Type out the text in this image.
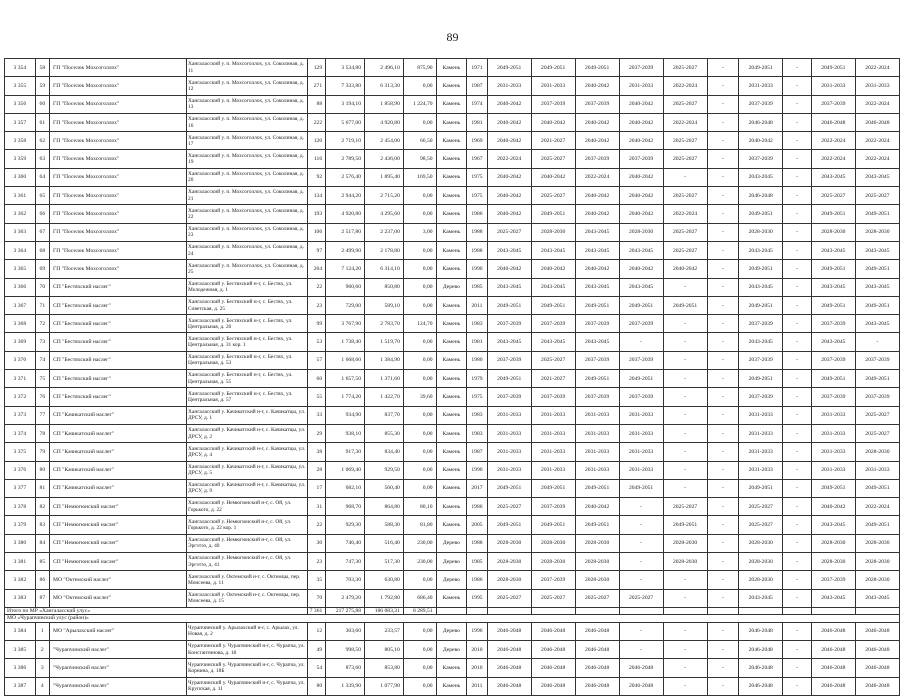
89
3 354	58	ГП "Поселок Мохсоголлох"	Хангаласский у. п. Мохсоголлох, ул. Соколиная, д. 11	129	3 534,80	2 496,10	875,90	Камень	1971	2049-2051	2049-2051	2049-2051	2037-2039	2025-2027	-	2049-2051	-	2049-2051	2022-2024
3 355	59	ГП "Поселок Мохсоголлох"	Хангаласский у. п. Мохсоголлох, ул. Соколиная, д. 12	271	7 333,80	6 313,30	0,00	Камень	1987	2031-2033	2031-2033	2040-2042	2031-2033	2022-2024	-	2031-2033	-	2031-2033	2031-2033
3 356	60	ГП "Поселок Мохсоголлох"	Хангаласский у. п. Мохсоголлох, ул. Соколиная, д. 13	88	3 194,10	1 858,90	1 224,70	Камень	1974	2040-2042	2037-2039	2037-2039	2040-2042	2025-2027	-	2037-2039	-	2037-2039	2022-2024
3 357	61	ГП "Поселок Мохсоголлох"	Хангаласский у. п. Мохсоголлох, ул. Соколиная, д. 16	222	5 677,00	4 920,80	0,00	Камень	1981	2040-2042	2040-2042	2040-2042	2040-2042	2022-2024	-	2046-2048	-	2046-2048	2046-2048
3 358	62	ГП "Поселок Мохсоголлох"	Хангаласский у. п. Мохсоголлох, ул. Соколиная, д. 17	120	2 719,10	2 454,00	66,50	Камень	1969	2040-2042	2021-2027	2040-2042	2040-2042	2025-2027	-	2040-2042	-	2022-2024	2022-2024
3 359	63	ГП "Поселок Мохсоголлох"	Хангаласский у. п. Мохсоголлох, ул. Соколиная, д. 19	116	2 789,50	2 436,00	98,50	Камень	1967	2022-2024	2025-2027	2037-2039	2037-2039	2025-2027	-	2037-2039	-	2022-2024	2022-2024
3 360	64	ГП "Поселок Мохсоголлох"	Хангаласский у. п. Мохсоголлох, ул. Соколиная, д. 20	92	2 576,40	1 895,40	169,50	Камень	1975	2040-2042	2040-2042	2022-2024	2040-2042	-	-	2043-2045	-	2043-2045	2043-2045
3 361	65	ГП "Поселок Мохсоголлох"	Хангаласский у. п. Мохсоголлох, ул. Соколиная, д. 21	134	2 944,20	2 715,20	0,00	Камень	1975	2040-2042	2025-2027	2040-2042	2040-2042	2025-2027	-	2046-2048	-	2025-2027	2025-2027
3 362	66	ГП "Поселок Мохсоголлох"	Хангаласский у. п. Мохсоголлох, ул. Соколиная, д. 22	193	4 920,80	4 295,60	0,00	Камень	1986	2040-2042	2049-2051	2040-2042	2040-2042	2022-2024	-	2049-2051	-	2049-2051	2049-2051
3 363	67	ГП "Поселок Мохсоголлох"	Хангаласский у. п. Мохсоголлох, ул. Соколиная, д. 23	106	2 517,80	2 237,00	3,00	Камень	1988	2025-2027	2028-2030	2043-2045	2028-2030	2025-2027	-	2028-2030	-	2028-2030	2028-2030
3 364	68	ГП "Поселок Мохсоголлох"	Хангаласский у. п. Мохсоголлох, ул. Соколиная, д. 24	97	2 499,90	2 178,80	0,00	Камень	1988	2043-2045	2043-2045	2043-2045	2043-2045	2025-2027	-	2043-2045	-	2043-2045	2043-2045
3 365	69	ГП "Поселок Мохсоголлох"	Хангаласский у. п. Мохсоголлох, ул. Соколиная, д. 25	264	7 124,20	6 314,10	0,00	Камень	1990	2040-2042	2040-2042	2040-2042	2040-2042	2040-2042	-	2049-2051	-	2049-2051	2049-2051
3 366	70	СП "Бестяхский наслег"	Хангаласский у. Бестяхский н-г, с. Бестях, ул. Молодежная, д. 1	22	960,60	850,80	0,00	Дерево	1985	2043-2045	2043-2045	2043-2045	2043-2045	-	-	2043-2045	-	2043-2045	2043-2045
3 367	71	СП "Бестяхский наслег"	Хангаласский у. Бестяхский н-г, с. Бестях, ул. Советская, д. 25	23	729,00	589,10	0,00	Камень	2011	2049-2051	2049-2051	2049-2051	2049-2051	2049-2051	-	2049-2051	-	2049-2051	2049-2051
3 368	72	СП "Бестяхский наслег"	Хангаласский у. Бестяхский н-г, с. Бестях, ул. Центральная, д. 26	99	3 767,90	2 783,70	124,70	Камень	1983	2037-2039	2037-2039	2037-2039	2037-2039	-	-	2037-2039	-	2037-2039	2043-2045
3 369	73	СП "Бестяхский наслег"	Хангаласский у. Бестяхский н-г, с. Бестях, ул. Центральная, д. 31 кор. 1	53	1 738,40	1 519,70	0,00	Камень	1981	2043-2045	2043-2045	2043-2045	-	-	-	2043-2045	-	2043-2045	-
3 370	74	СП "Бестяхский наслег"	Хангаласский у. Бестяхский н-г, с. Бестях, ул. Центральная, д. 53	57	1 668,60	1 384,90	0,00	Камень	1980	2037-2039	2025-2027	2037-2039	2037-2039	-	-	2037-2039	-	2037-2039	2037-2039
3 371	75	СП "Бестяхский наслег"	Хангаласский у. Бестяхский н-г, с. Бестях, ул. Центральная, д. 55	60	1 657,50	1 371,60	0,00	Камень	1979	2049-2051	2021-2027	2049-2051	2049-2051	-	-	2049-2051	-	2049-2051	2049-2051
3 372	76	СП "Бестяхский наслег"	Хангаласский у. Бестяхский н-г, с. Бестях, ул. Центральная, д. 57	55	1 774,20	1 422,70	39,60	Камень	1975	2037-2039	2037-2039	2037-2039	2037-2039	-	-	2037-2039	-	2037-2039	2037-2039
3 373	77	СП "Качикатский наслег"	Хангаласский у. Качикатский н-г, с. Качикатцы, ул. ДРСУ, д. 1	33	934,90	837,70	0,00	Камень	1983	2031-2033	2031-2033	2031-2033	2031-2033	-	-	2031-2033	-	2031-2033	2025-2027
3 374	78	СП "Качикатский наслег"	Хангаласский у. Качикатский н-г, с. Качикатцы, ул. ДРСУ, д. 2	29	938,10	855,30	0,00	Камень	1983	2031-2033	2031-2033	2031-2033	2031-2033	-	-	2031-2033	-	2031-2033	2025-2027
3 375	79	СП "Качикатский наслег"	Хангаласский у. Качикатский н-г, с. Качикатцы, ул. ДРСУ, д. 4	38	917,30	834,40	0,00	Камень	1987	2031-2033	2031-2033	2031-2033	2031-2033	-	-	2031-2033	-	2031-2033	2028-2030
3 376	80	СП "Качикатский наслег"	Хангаласский у. Качикатский н-г, с. Качикатцы, ул. ДРСУ, д. 5	28	1 069,40	929,50	0,00	Камень	1990	2031-2033	2031-2033	2031-2033	2031-2033	-	-	2031-2033	-	2031-2033	2031-2033
3 377	81	СП "Качикатский наслег"	Хангаласский у. Качикатский н-г, с. Качикатцы, ул. ДРСУ, д. 9	17	682,10	560,40	0,00	Камень	2017	2049-2051	2049-2051	2049-2051	2049-2051	-	-	2049-2051	-	2049-2051	2049-2051
3 378	82	СП "Немюгюнский наслег"	Хангаласский у. Немюгюнский н-г, с. Ой, ул. Горького, д. 22	31	968,70	864,80	80,10	Камень	1986	2025-2027	2037-2039	2040-2042	-	2025-2027	-	2025-2027	-	2040-2042	2022-2024
3 379	83	СП "Немюгюнский наслег"	Хангаласский у. Немюгюнский н-г, с. Ой, ул. Горького, д. 22 кор. 1	22	929,30	588,30	81,80	Камень	2005	2049-2051	2049-2051	2049-2051	-	2049-2051	-	2025-2027	-	2043-2045	2049-2051
3 380	84	СП "Немюгюнский наслег"	Хангаласский у. Немюгюнский н-г, с. Ой, ул. Эргэтээ, д. 40	30	746,40	516,40	230,00	Дерево	1988	2028-2030	2028-2030	2028-2030	-	2028-2030	-	2028-2030	-	2028-2030	2028-2030
3 381	85	СП "Немюгюнский наслег"	Хангаласский у. Немюгюнский н-г, с. Ой, ул. Эргэтээ, д. 41	23	747,30	517,30	230,00	Дерево	1985	2028-2030	2028-2030	2028-2030	-	2028-2030	-	2028-2030	-	2028-2030	2028-2030
3 382	86	МО "Октемский наслег"	Хангаласский у. Октемский н-г, с. Октемцы, пер. Моисеева, д. 11	35	703,30	630,80	0,00	Дерево	1986	2028-2030	2037-2039	2028-2030	-	-	-	2028-2030	-	2037-2039	2028-2030
3 383	87	МО "Октемский наслег"	Хангаласский у. Октемский н-г, с. Октемцы, пер. Моисеева, д. 15	70	2 479,20	1 792,80	686,40	Камень	1995	2025-2027	2025-2027	2025-2027	2025-2027	-	-	2043-2045	-	2043-2045	2043-2045
Итого по МР «Хангаласский улус»				7 361	217 275,88	186 083,31	8 289,51												
МО «Чурапчинский улус (район)»																			
3 384	1	МО "Арылахский наслег"	Чурапчинский у. Арылахский н-г, с. Арылах, ул. Новая, д. 2	12	303,60	233,57	0,00	Дерево	1996	2046-2048	2046-2048	2046-2048	-	-	-	2046-2048	-	2046-2048	2046-2048
3 385	2	"Чурапчинский наслег"	Чурапчинский у. Чурапчинский н-г, с. Чурапча, ул. Константинова, д. 18	49	998,50	805,10	0,00	Дерево	2010	2046-2048	2046-2048	2046-2048	-	-	-	2046-2048	-	2046-2048	2046-2048
3 386	3	"Чурапчинский наслег"	Чурапчинский у. Чурапчинский н-г, с. Чурапча, ул. Корнина, д. 18Б	54	873,60	853,80	0,00	Камень	2010	2046-2048	2046-2048	2046-2048	2046-2048	-	-	2046-2048	-	2046-2048	2046-2048
3 387	4	"Чурапчинский наслег"	Чурапчинский у. Чурапчинский н-г, с. Чурапча, ул. Крупская, д. 11	80	1 339,90	1 077,90	0,00	Камень	2011	2046-2048	2046-2048	2046-2048	2046-2048	-	-	2046-2048	-	2046-2048	2046-2048
